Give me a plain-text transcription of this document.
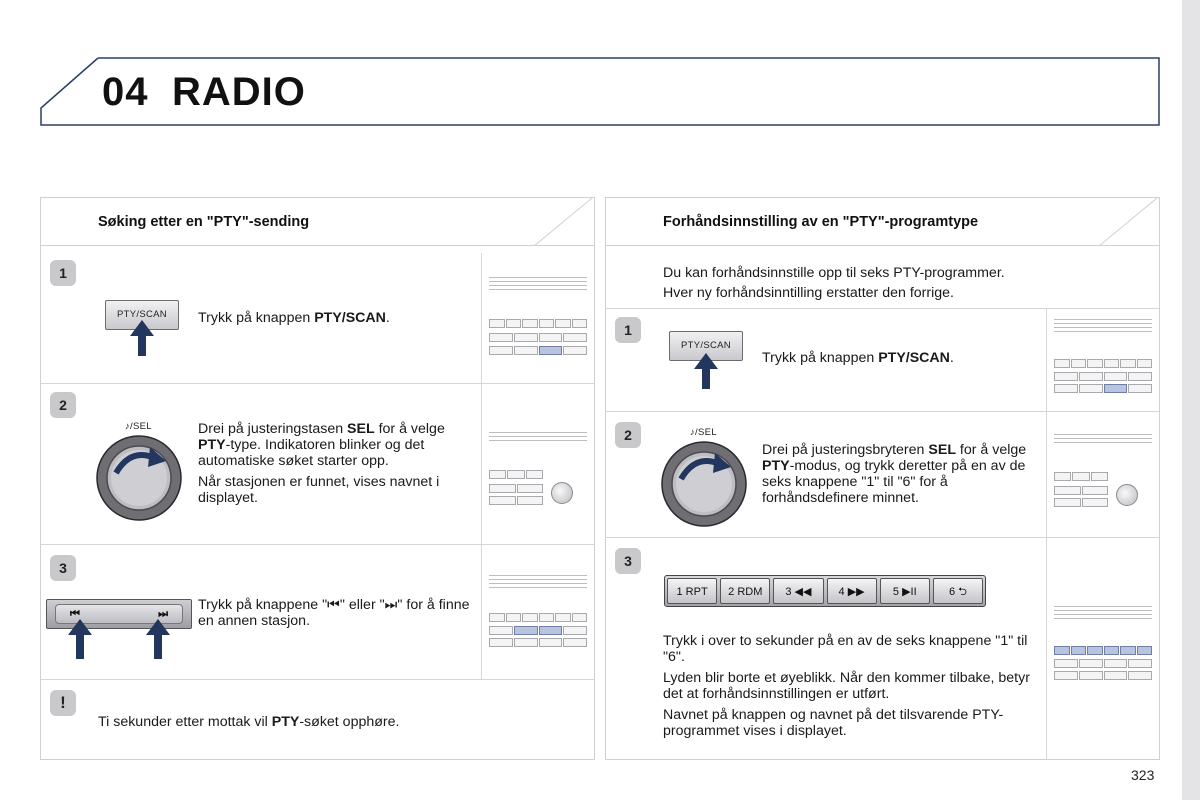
04 RADIO
Søking etter en "PTY"-sending
1
PTY/SCAN	Trykk på knappen PTY/SCAN.
2
♪/SEL	Drei på justeringstasen SEL for å velge PTY-type. Indikatoren blinker og det automatiske søket starter opp.

Når stasjonen er funnet, vises navnet i displayet.

3
⏮	⏭
Trykk på knappene "⏮" eller "⏭" for å finne en annen stasjon.
!
Ti sekunder etter mottak vil PTY-søket opphøre.
Forhåndsinnstilling av en "PTY"-programtype
Du kan forhåndsinnstille opp til seks PTY-programmer.
Hver ny forhåndsinntilling erstatter den forrige.
1
PTY/SCAN
Trykk på knappen PTY/SCAN.
2	♪/SEL

Drei på justeringsbryteren SEL for å velge PTY-modus, og trykk deretter på en av de seks knappene "1" til "6" for å forhåndsdefinere minnet.

3
1 RPT	2 RDM	3 ◀◀	4 ▶▶	5 ▶II	6 ⮌

Trykk i over to sekunder på en av de seks knappene "1" til "6".

Lyden blir borte et øyeblikk. Når den kommer tilbake, betyr det at forhåndsinnstillingen er utført.

Navnet på knappen og navnet på det tilsvarende PTY-programmet vises i displayet.

323
